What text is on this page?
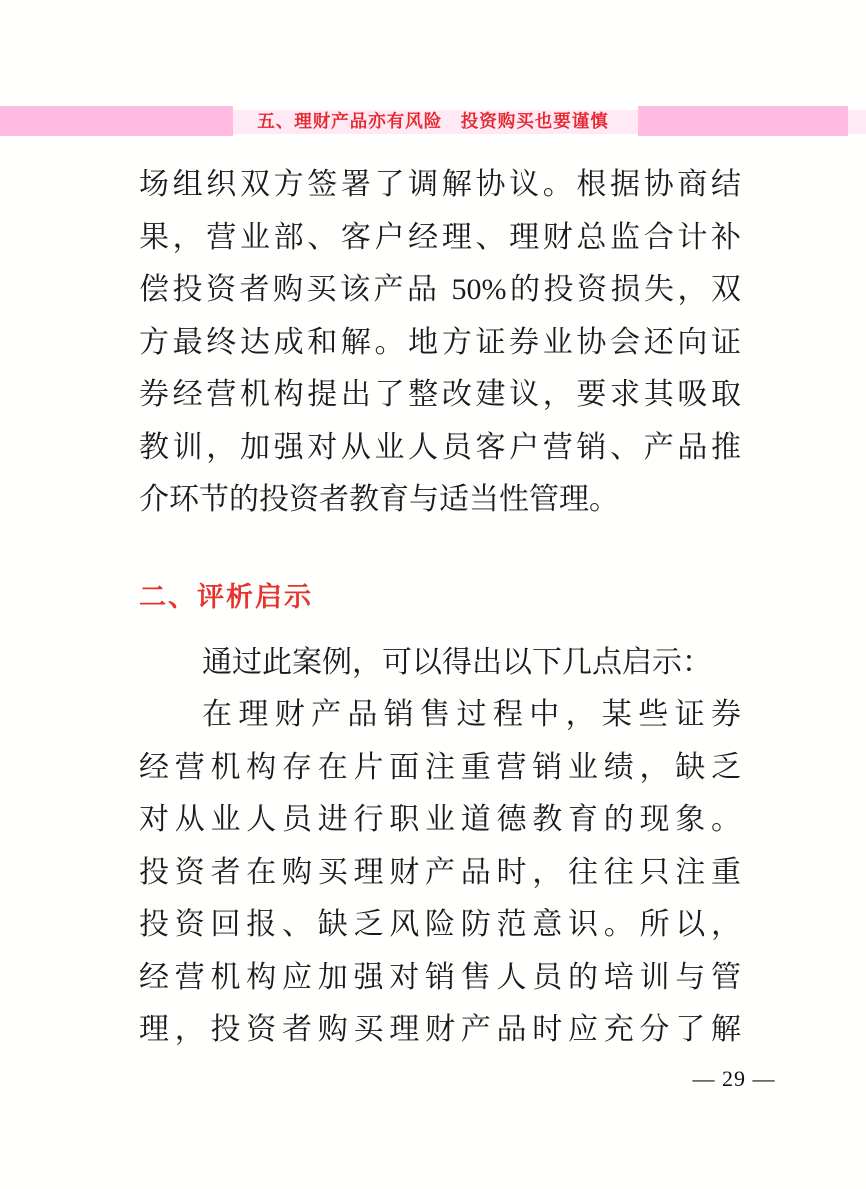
五、理财产品亦有风险　投资购买也要谨慎
场组织双方签署了调解协议。根据协商结
果，营业部、客户经理、理财总监合计补
偿投资者购买该产品 50%的投资损失，双
方最终达成和解。地方证券业协会还向证
券经营机构提出了整改建议，要求其吸取
教训，加强对从业人员客户营销、产品推
介环节的投资者教育与适当性管理。
二、评析启示
通过此案例，可以得出以下几点启示：
在理财产品销售过程中，某些证券
经营机构存在片面注重营销业绩，缺乏
对从业人员进行职业道德教育的现象。
投资者在购买理财产品时，往往只注重
投资回报、缺乏风险防范意识。所以，
经营机构应加强对销售人员的培训与管
理，投资者购买理财产品时应充分了解
— 29 —
